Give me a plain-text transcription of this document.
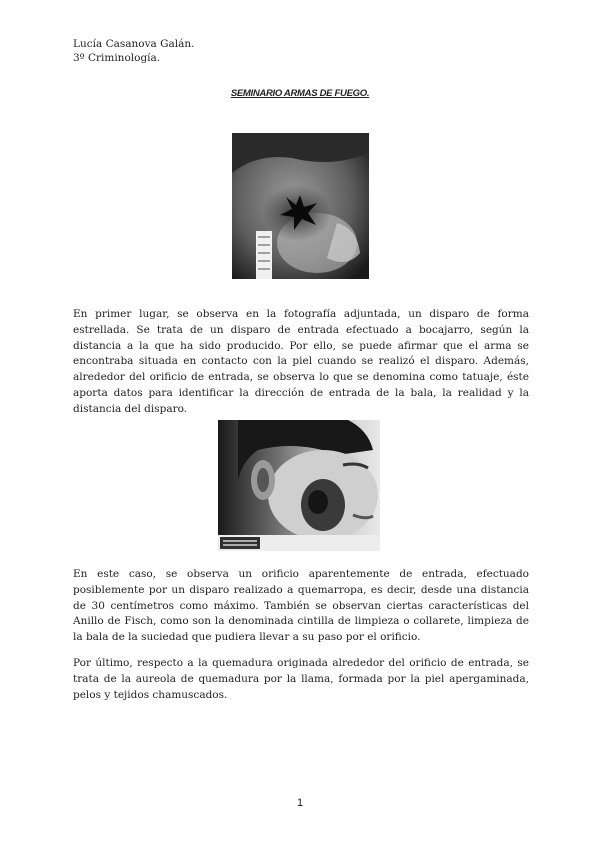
Lucía Casanova Galán.
3º Criminología.
SEMINARIO ARMAS DE FUEGO.

En primer lugar, se observa en la fotografía adjuntada, un disparo de forma estrellada. Se trata de un disparo de entrada efectuado a bocajarro, según la distancia a la que ha sido producido. Por ello, se puede afirmar que el arma se encontraba situada en contacto con la piel cuando se realizó el disparo. Además, alrededor del orificio de entrada, se observa lo que se denomina como tatuaje, éste aporta datos para identificar la dirección de entrada de la bala, la realidad y la distancia del disparo.

En este caso, se observa un orificio aparentemente de entrada, efectuado posiblemente por un disparo realizado a quemarropa, es decir, desde una distancia de 30 centímetros como máximo. También se observan ciertas características del Anillo de Fisch, como son la denominada cintilla de limpieza o collarete, limpieza de la bala de la suciedad que pudiera llevar a su paso por el orificio.

Por último, respecto a la quemadura originada alrededor del orificio de entrada, se trata de la aureola de quemadura por la llama, formada por la piel apergaminada, pelos y tejidos chamuscados.

1
